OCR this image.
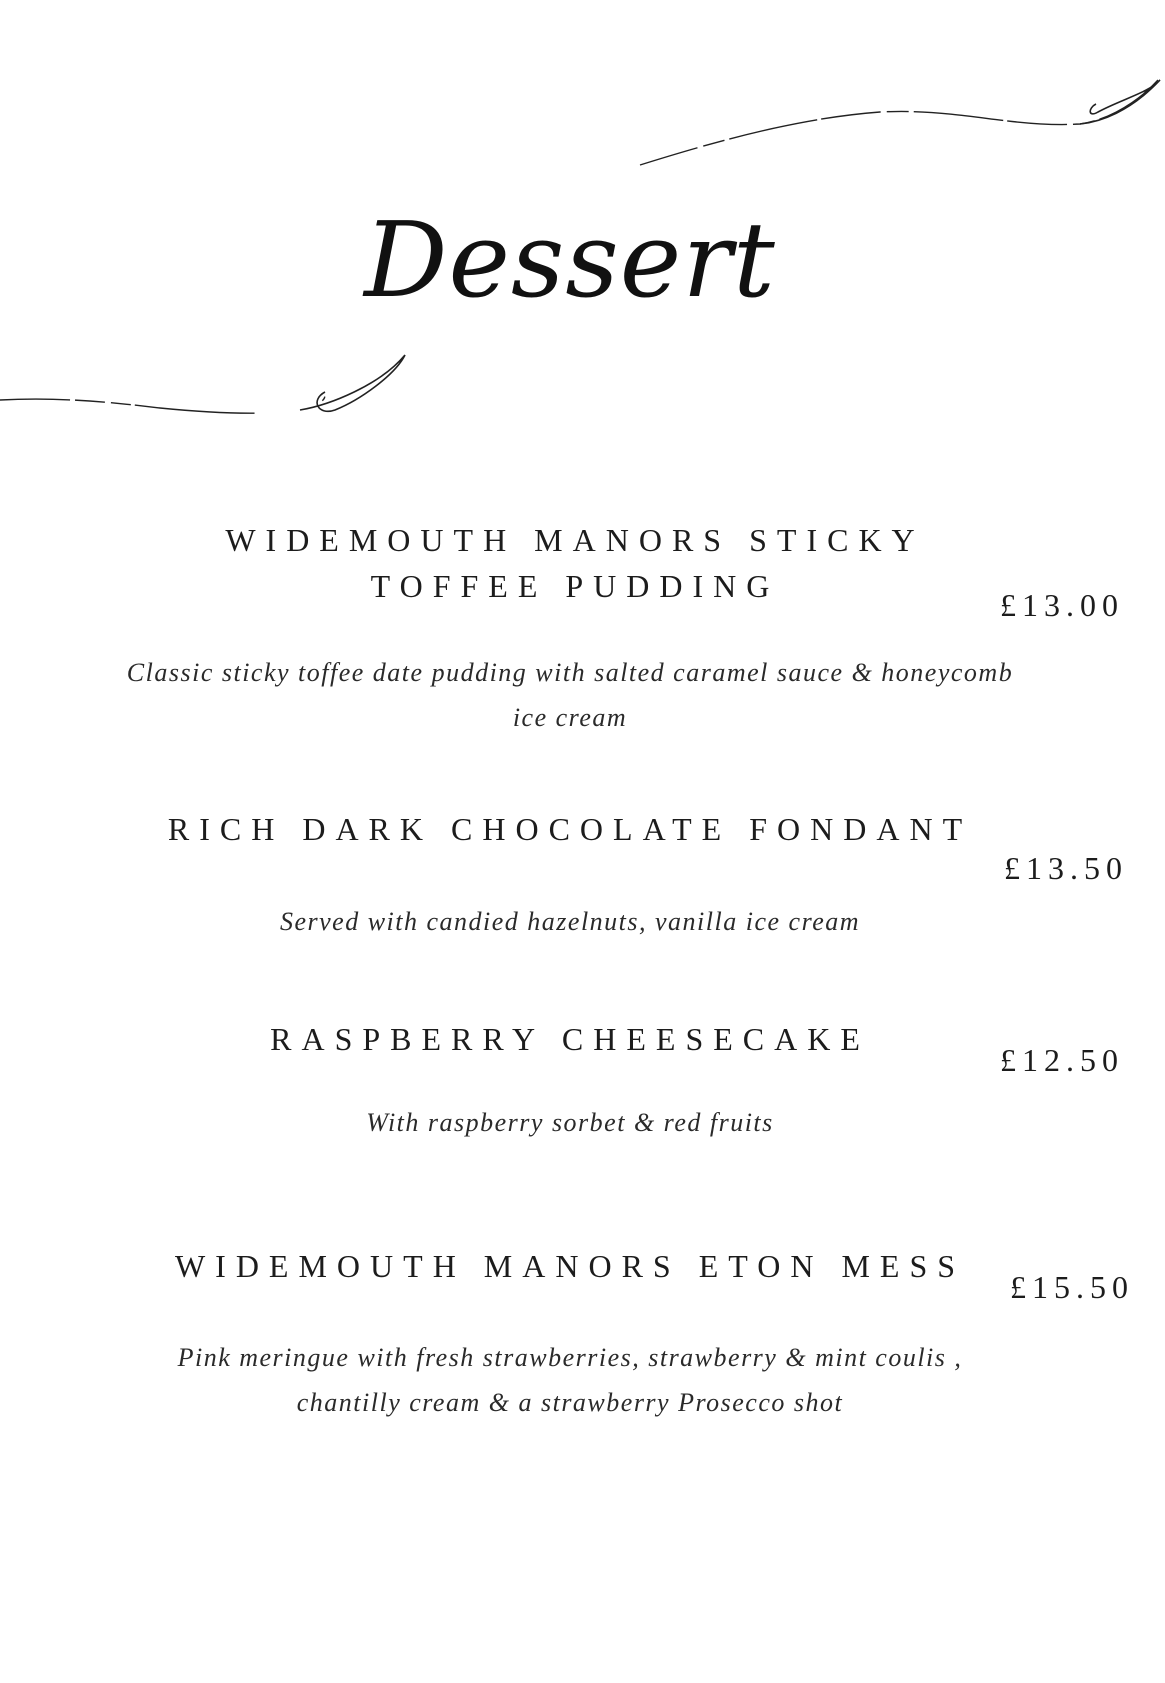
Dessert
WIDEMOUTH MANORS STICKY TOFFEE PUDDING
£13.00
Classic sticky toffee date pudding with salted caramel sauce & honeycomb ice cream
RICH DARK CHOCOLATE FONDANT
£13.50
Served with candied hazelnuts, vanilla ice cream
RASPBERRY CHEESECAKE
£12.50
With raspberry sorbet & red fruits
WIDEMOUTH MANORS ETON MESS
£15.50
Pink meringue with fresh strawberries, strawberry & mint coulis , chantilly cream & a strawberry Prosecco shot
